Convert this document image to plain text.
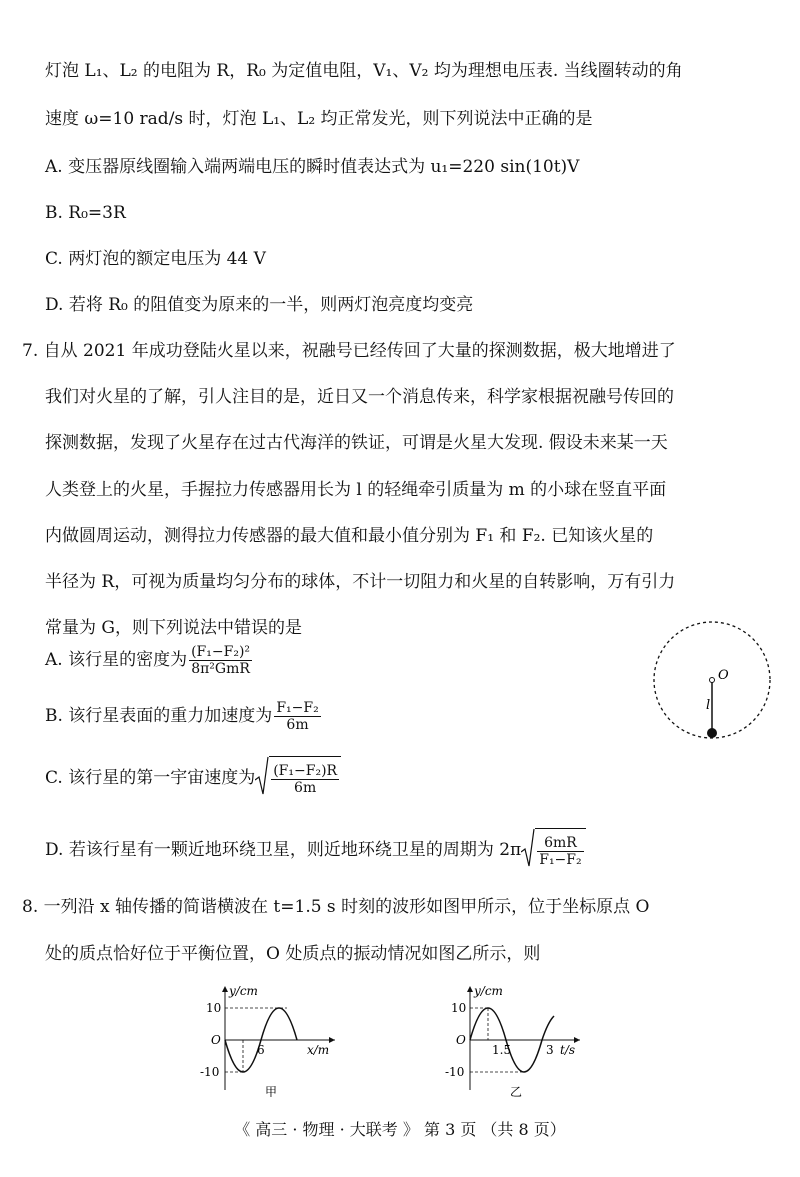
灯泡 L₁、L₂ 的电阻为 R，R₀ 为定值电阻，V₁、V₂ 均为理想电压表. 当线圈转动的角
速度 ω=10 rad/s 时，灯泡 L₁、L₂ 均正常发光，则下列说法中正确的是
A. 变压器原线圈输入端两端电压的瞬时值表达式为 u₁=220 sin(10t)V
B. R₀=3R
C. 两灯泡的额定电压为 44 V
D. 若将 R₀ 的阻值变为原来的一半，则两灯泡亮度均变亮
7. 自从 2021 年成功登陆火星以来，祝融号已经传回了大量的探测数据，极大地增进了
我们对火星的了解，引人注目的是，近日又一个消息传来，科学家根据祝融号传回的
探测数据，发现了火星存在过古代海洋的铁证，可谓是火星大发现. 假设未来某一天
人类登上的火星，手握拉力传感器用长为 l 的轻绳牵引质量为 m 的小球在竖直平面
内做圆周运动，测得拉力传感器的最大值和最小值分别为 F₁ 和 F₂. 已知该火星的
半径为 R，可视为质量均匀分布的球体，不计一切阻力和火星的自转影响，万有引力
常量为 G，则下列说法中错误的是
A. 该行星的密度为 $\frac{\text{(F₁−F₂)²}}{\text{8π²GmR}}$
B. 该行星表面的重力加速度为 $\frac{\text{F₁−F₂}}{6m}$
C. 该行星的第一宇宙速度为 $\frac{\text{(F₁−F₂)R}}{6m}$
D. 若该行星有一颗近地环绕卫星，则近地环绕卫星的周期为 $2\pi \frac{6mR}{\text{F₁−F₂}}$
O
l
8. 一列沿 x 轴传播的简谐横波在 t=1.5 s 时刻的波形如图甲所示，位于坐标原点 O
处的质点恰好位于平衡位置，O 处质点的振动情况如图乙所示，则
10
-10
O
6	x/m
y/cm
甲
10
-10
O
1.5	3 t/s
y/cm
乙
《 高三 · 物理 · 大联考 》 第 3 页 （共 8 页）
